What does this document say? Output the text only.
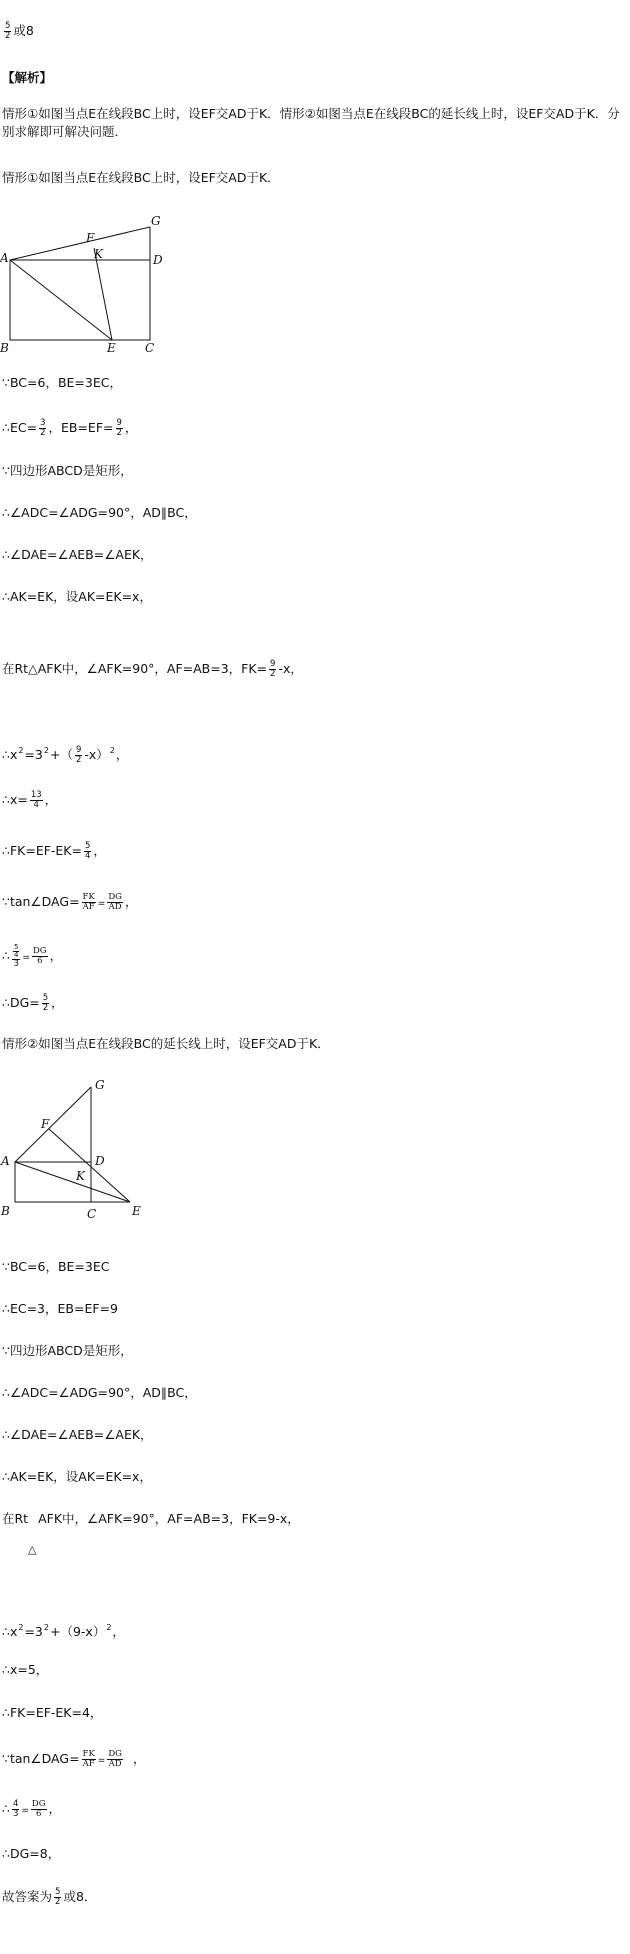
$\frac{5}{2}$ 或8
【解析】
情形①如图当点E在线段BC上时，设EF交AD于K．情形②如图当点E在线段BC的延长线上时，设EF交AD于K．分别求解即可解决问题．
情形①如图当点E在线段BC上时，设EF交AD于K．
A
B	C
D
E
F
G
K
∵BC=6，BE=3EC，
∴EC= $\frac{3}{2}$ ，$EB=EF= \frac{9}{2}$ ，
∵四边形ABCD是矩形，
∴∠ADC=∠ADG=90°，AD∥BC，
∴∠DAE=∠AEB=∠AEK，
∴AK=EK，设AK=EK=x，
在Rt△AFK中，∠AFK=90°，AF=AB=3，$FK= \frac{9}{2} -x$，
$\therefore x^2=3^2+( \frac{9}{2} -x)^2$，
∴x= $\frac{13}{4}$ ，
∴FK=EF-EK= $\frac{5}{4}$ ，
∵tan∠DAG= $\frac{FK}{AF} = \frac{DG}{AD}$ ，
∴ $\frac{\frac{5}{4}}{3} = \frac{DG}{6}$ ，
∴DG= $\frac{5}{2}$ ，
情形②如图当点E在线段BC的延长线上时，设EF交AD于K．
A
B	C
D
E
F
G
K
∵BC=6，BE=3EC
∴EC=3，EB=EF=9
∵四边形ABCD是矩形，
∴∠ADC=∠ADG=90°，AD∥BC，
∴∠DAE=∠AEB=∠AEK，
∴AK=EK，设AK=EK=x，
在Rt AFK中，∠AFK=90°，AF=AB=3，FK=9-x，
△
$\therefore x^2=3^2+(9-x)^2$，
∴x=5，
∴FK=EF-EK=4，
∵tan∠DAG= $\frac{FK}{AF} = \frac{DG}{AD}$ ，
∴ $\frac{4}{3} = \frac{DG}{6}$ ，
∴DG=8，
故答案为 $\frac{5}{2}$ 或8．
